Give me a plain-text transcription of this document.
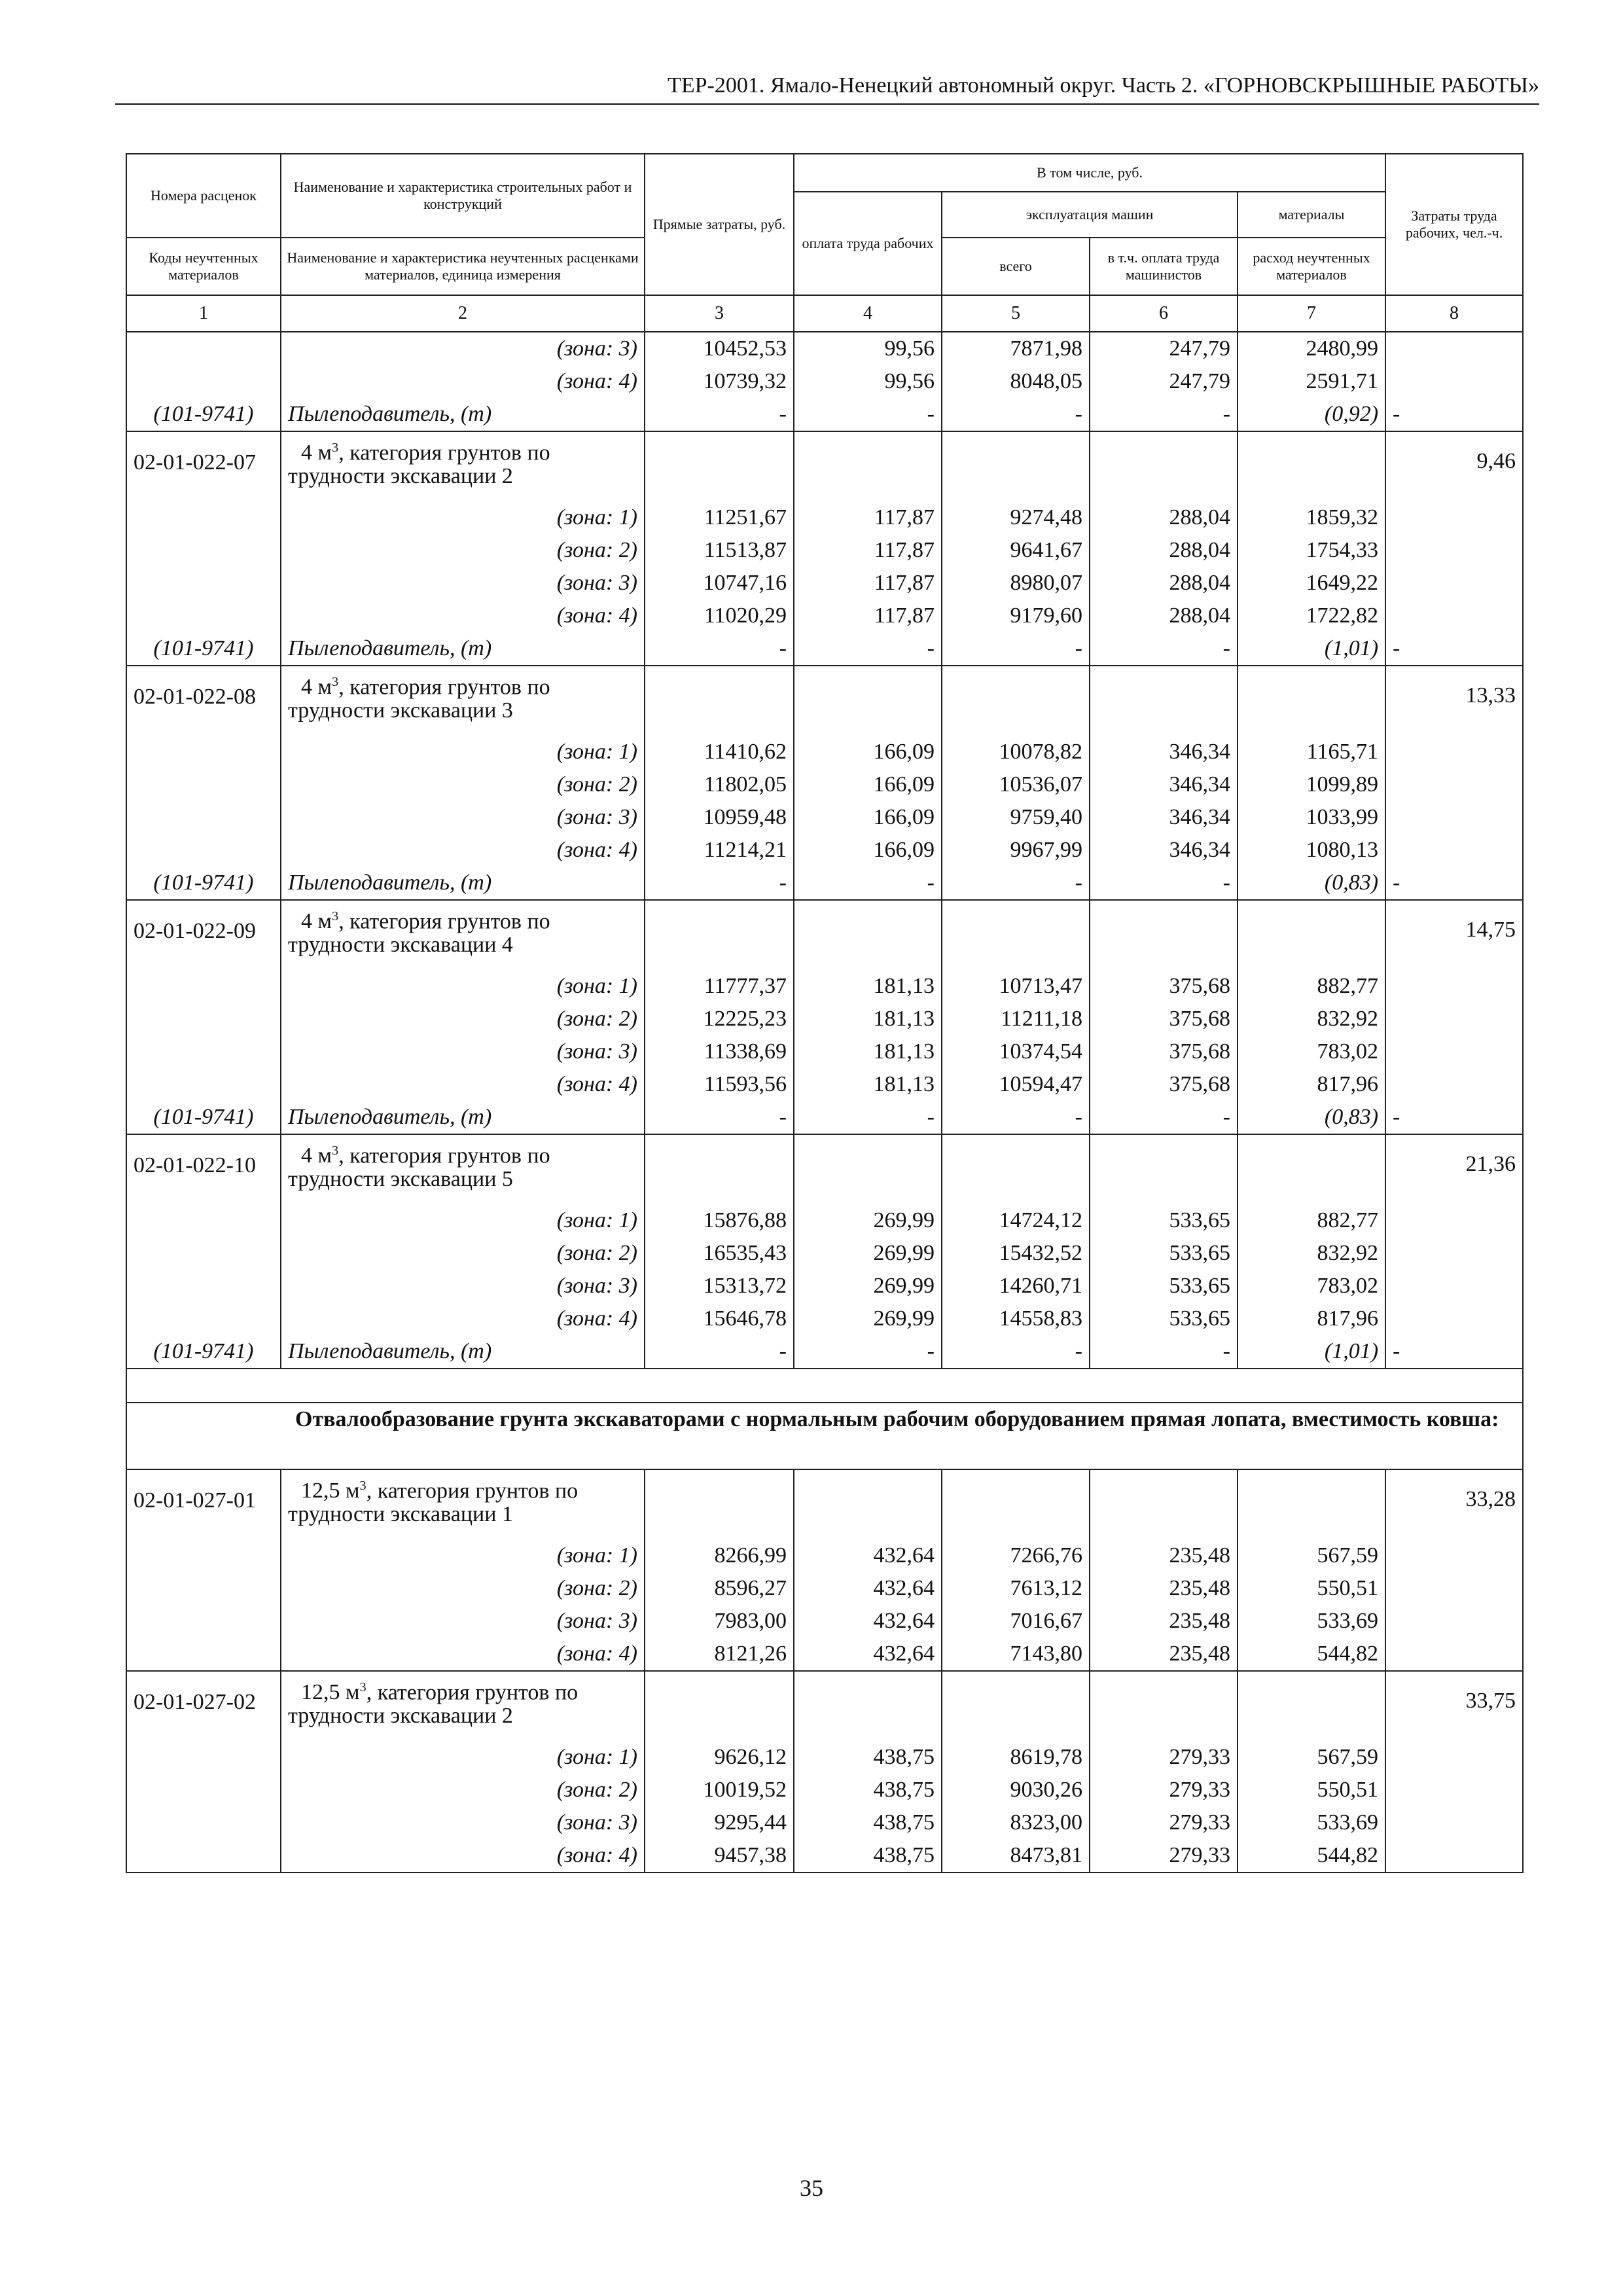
ТЕР-2001. Ямало-Ненецкий автономный округ. Часть 2. «ГОРНОВСКРЫШНЫЕ РАБОТЫ»
Номера расценок	Наименование и характеристика строительных работ и конструкций	Прямые затраты, руб.	В том числе, руб.				Затраты труда рабочих, чел.-ч.
			оплата труда рабочих	эксплуатация машин		материалы	
Коды неучтенных материалов	Наименование и характеристика неучтенных расценками материалов, единица измерения			всего	в т.ч. оплата труда машинистов	расход неучтенных материалов	
1	2	3	4	5	6	7	8
	(зона: 3)	10452,53	99,56	7871,98	247,79	2480,99	
	(зона: 4)	10739,32	99,56	8048,05	247,79	2591,71	
(101-9741)	Пылеподавитель, (т)	-	-	-	-	(0,92)	-
02-01-022-07	4 $м^3$, категория грунтов по трудности экскавации 2						9,46
	(зона: 1)	11251,67	117,87	9274,48	288,04	1859,32	
	(зона: 2)	11513,87	117,87	9641,67	288,04	1754,33	
	(зона: 3)	10747,16	117,87	8980,07	288,04	1649,22	
	(зона: 4)	11020,29	117,87	9179,60	288,04	1722,82	
(101-9741)	Пылеподавитель, (т)	-	-	-	-	(1,01)	-
02-01-022-08	4 $м^3$, категория грунтов по трудности экскавации 3						13,33
	(зона: 1)	11410,62	166,09	10078,82	346,34	1165,71	
	(зона: 2)	11802,05	166,09	10536,07	346,34	1099,89	
	(зона: 3)	10959,48	166,09	9759,40	346,34	1033,99	
	(зона: 4)	11214,21	166,09	9967,99	346,34	1080,13	
(101-9741)	Пылеподавитель, (т)	-	-	-	-	(0,83)	-
02-01-022-09	4 $м^3$, категория грунтов по трудности экскавации 4						14,75
	(зона: 1)	11777,37	181,13	10713,47	375,68	882,77	
	(зона: 2)	12225,23	181,13	11211,18	375,68	832,92	
	(зона: 3)	11338,69	181,13	10374,54	375,68	783,02	
	(зона: 4)	11593,56	181,13	10594,47	375,68	817,96	
(101-9741)	Пылеподавитель, (т)	-	-	-	-	(0,83)	-
02-01-022-10	4 $м^3$, категория грунтов по трудности экскавации 5						21,36
	(зона: 1)	15876,88	269,99	14724,12	533,65	882,77	
	(зона: 2)	16535,43	269,99	15432,52	533,65	832,92	
	(зона: 3)	15313,72	269,99	14260,71	533,65	783,02	
	(зона: 4)	15646,78	269,99	14558,83	533,65	817,96	
(101-9741)	Пылеподавитель, (т)	-	-	-	-	(1,01)	-

	Отвалообразование грунта экскаваторами с нормальным рабочим оборудованием прямая лопата, вместимость ковша:						
02-01-027-01	12,5 $м^3$, категория грунтов по трудности экскавации 1						33,28
	(зона: 1)	8266,99	432,64	7266,76	235,48	567,59	
	(зона: 2)	8596,27	432,64	7613,12	235,48	550,51	
	(зона: 3)	7983,00	432,64	7016,67	235,48	533,69	
	(зона: 4)	8121,26	432,64	7143,80	235,48	544,82	
02-01-027-02	12,5 $м^3$, категория грунтов по трудности экскавации 2						33,75
	(зона: 1)	9626,12	438,75	8619,78	279,33	567,59	
	(зона: 2)	10019,52	438,75	9030,26	279,33	550,51	
	(зона: 3)	9295,44	438,75	8323,00	279,33	533,69	
	(зона: 4)	9457,38	438,75	8473,81	279,33	544,82	
35
